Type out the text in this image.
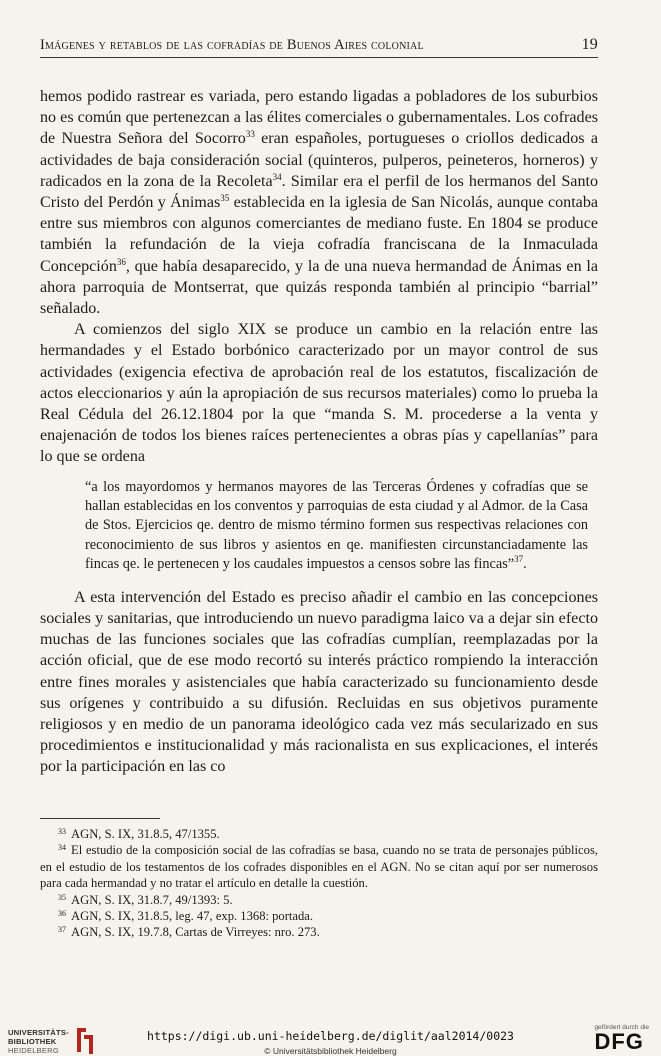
Imágenes y retablos de las cofradías de Buenos Aires colonial	19

hemos podido rastrear es variada, pero estando ligadas a pobladores de los suburbios no es común que pertenezcan a las élites comerciales o gubernamentales. Los cofrades de Nuestra Señora del Socorro$^{33}$ eran españoles, portugueses o criollos dedicados a actividades de baja consideración social (quinteros, pulperos, peineteros, horneros) y radicados en la zona de la Recoleta$^{34}$. Similar era el perfil de los hermanos del Santo Cristo del Perdón y Ánimas$^{35}$ establecida en la iglesia de San Nicolás, aunque contaba entre sus miembros con algunos comerciantes de mediano fuste. En 1804 se produce también la refundación de la vieja cofradía franciscana de la Inmaculada Concepción$^{36}$, que había desaparecido, y la de una nueva hermandad de Ánimas en la ahora parroquia de Montserrat, que quizás responda también al principio “barrial” señalado.

A comienzos del siglo XIX se produce un cambio en la relación entre las hermandades y el Estado borbónico caracterizado por un mayor control de sus actividades (exigencia efectiva de aprobación real de los estatutos, fiscalización de actos eleccionarios y aún la apropiación de sus recursos materiales) como lo prueba la Real Cédula del 26.12.1804 por la que “manda S. M. procederse a la venta y enajenación de todos los bienes raíces pertenecientes a obras pías y capellanías” para lo que se ordena

“a los mayordomos y hermanos mayores de las Terceras Órdenes y cofradías que se hallan establecidas en los conventos y parroquias de esta ciudad y al Admor. de la Casa de Stos. Ejercicios qe. dentro de mismo término formen sus respectivas relaciones con reconocimiento de sus libros y asientos en qe. manifiesten circunstanciadamente las fincas qe. le pertenecen y los caudales impuestos a censos sobre las fincas”$^{37}$.

A esta intervención del Estado es preciso añadir el cambio en las concepciones sociales y sanitarias, que introduciendo un nuevo paradigma laico va a dejar sin efecto muchas de las funciones sociales que las cofradías cumplían, reemplazadas por la acción oficial, que de ese modo recortó su interés práctico rompiendo la interacción entre fines morales y asistenciales que había caracterizado su funcionamiento desde sus orígenes y contribuido a su difusión. Recluidas en sus objetivos puramente religiosos y en medio de un panorama ideológico cada vez más secularizado en sus procedimientos e institucionalidad y más racionalista en sus explicaciones, el interés por la participación en las co

$^{33}$ AGN, S. IX, 31.8.5, 47/1355.

$^{34}$ El estudio de la composición social de las cofradías se basa, cuando no se trata de personajes públicos, en el estudio de los testamentos de los cofrades disponibles en el AGN. No se citan aquí por ser numerosos para cada hermandad y no tratar el artículo en detalle la cuestión.

$^{35}$ AGN, S. IX, 31.8.7, 49/1393: 5.

$^{36}$ AGN, S. IX, 31.8.5, leg. 47, exp. 1368: portada.

$^{37}$ AGN, S. IX, 19.7.8, Cartas de Virreyes: nro. 273.

UNIVERSITÄTS-
BIBLIOTHEK
HEIDELBERG
https://digi.ub.uni-heidelberg.de/diglit/aal2014/0023
© Universitätsbibliothek Heidelberg
gefördert durch die
DFG
